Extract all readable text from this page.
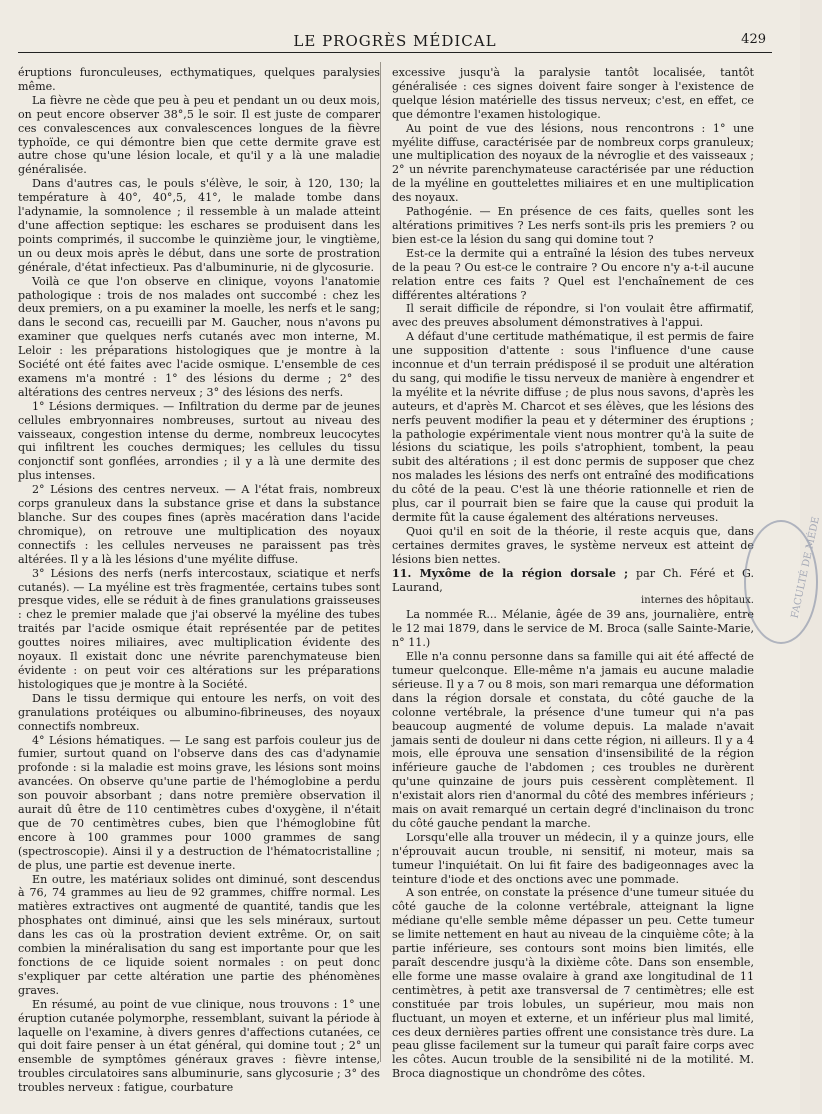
LE PROGRÈS MÉDICAL	429

éruptions furonculeuses, ecthymatiques, quelques paralysies même.

La fièvre ne cède que peu à peu et pendant un ou deux mois, on peut encore observer 38°,5 le soir. Il est juste de comparer ces convalescences aux convalescences longues de la fièvre typhoïde, ce qui démontre bien que cette dermite grave est autre chose qu'une lésion locale, et qu'il y a là une maladie généralisée.

Dans d'autres cas, le pouls s'élève, le soir, à 120, 130; la température à 40°, 40°,5, 41°, le malade tombe dans l'adynamie, la somnolence ; il ressemble à un malade atteint d'une affection septique: les eschares se produisent dans les points comprimés, il succombe le quinzième jour, le vingtième, un ou deux mois après le début, dans une sorte de prostration générale, d'état infectieux. Pas d'albuminurie, ni de glycosurie.

Voilà ce que l'on observe en clinique, voyons l'anatomie pathologique : trois de nos malades ont succombé : chez les deux premiers, on a pu examiner la moelle, les nerfs et le sang; dans le second cas, recueilli par M. Gaucher, nous n'avons pu examiner que quelques nerfs cutanés avec mon interne, M. Leloir : les préparations histologiques que je montre à la Société ont été faites avec l'acide osmique. L'ensemble de ces examens m'a montré : 1° des lésions du derme ; 2° des altérations des centres nerveux ; 3° des lésions des nerfs.

1° Lésions dermiques. — Infiltration du derme par de jeunes cellules embryonnaires nombreuses, surtout au niveau des vaisseaux, congestion intense du derme, nombreux leucocytes qui infiltrent les couches dermiques; les cellules du tissu conjonctif sont gonflées, arrondies ; il y a là une dermite des plus intenses.

2° Lésions des centres nerveux. — A l'état frais, nombreux corps granuleux dans la substance grise et dans la substance blanche. Sur des coupes fines (après macération dans l'acide chromique), on retrouve une multiplication des noyaux connectifs : les cellules nerveuses ne paraissent pas très altérées. Il y a là les lésions d'une myélite diffuse.

3° Lésions des nerfs (nerfs intercostaux, sciatique et nerfs cutanés). — La myéline est très fragmentée, certains tubes sont presque vides, elle se réduit à de fines granulations graisseuses : chez le premier malade que j'ai observé la myéline des tubes traités par l'acide osmique était représentée par de petites gouttes noires miliaires, avec multiplication évidente des noyaux. Il existait donc une névrite parenchymateuse bien évidente : on peut voir ces altérations sur les préparations histologiques que je montre à la Société.

Dans le tissu dermique qui entoure les nerfs, on voit des granulations protéiques ou albumino-fibrineuses, des noyaux connectifs nombreux.

4° Lésions hématiques. — Le sang est parfois couleur jus de fumier, surtout quand on l'observe dans des cas d'adynamie profonde : si la maladie est moins grave, les lésions sont moins avancées. On observe qu'une partie de l'hémoglobine a perdu son pouvoir absorbant ; dans notre première observation il aurait dû être de 110 centimètres cubes d'oxygène, il n'était que de 70 centimètres cubes, bien que l'hémoglobine fût encore à 100 grammes pour 1000 grammes de sang (spectroscopie). Ainsi il y a destruction de l'hématocristalline ; de plus, une partie est devenue inerte.

En outre, les matériaux solides ont diminué, sont descendus à 76, 74 grammes au lieu de 92 grammes, chiffre normal. Les matières extractives ont augmenté de quantité, tandis que les phosphates ont diminué, ainsi que les sels minéraux, surtout dans les cas où la prostration devient extrême. Or, on sait combien la minéralisation du sang est importante pour que les fonctions de ce liquide soient normales : on peut donc s'expliquer par cette altération une partie des phénomènes graves.

En résumé, au point de vue clinique, nous trouvons : 1° une éruption cutanée polymorphe, ressemblant, suivant la période à laquelle on l'examine, à divers genres d'affections cutanées, ce qui doit faire penser à un état général, qui domine tout ; 2° un ensemble de symptômes généraux graves : fièvre intense, troubles circulatoires sans albuminurie, sans glycosurie ; 3° des troubles nerveux : fatigue, courbature

excessive jusqu'à la paralysie tantôt localisée, tantôt généralisée : ces signes doivent faire songer à l'existence de quelque lésion matérielle des tissus nerveux; c'est, en effet, ce que démontre l'examen histologique.

Au point de vue des lésions, nous rencontrons : 1° une myélite diffuse, caractérisée par de nombreux corps granuleux; une multiplication des noyaux de la névroglie et des vaisseaux ; 2° un névrite parenchymateuse caractérisée par une réduction de la myéline en gouttelettes miliaires et en une multiplication des noyaux.

Pathogénie. — En présence de ces faits, quelles sont les altérations primitives ? Les nerfs sont-ils pris les premiers ? ou bien est-ce la lésion du sang qui domine tout ?

Est-ce la dermite qui a entraîné la lésion des tubes nerveux de la peau ? Ou est-ce le contraire ? Ou encore n'y a-t-il aucune relation entre ces faits ? Quel est l'enchaînement de ces différentes altérations ?

Il serait difficile de répondre, si l'on voulait être affirmatif, avec des preuves absolument démonstratives à l'appui.

A défaut d'une certitude mathématique, il est permis de faire une supposition d'attente : sous l'influence d'une cause inconnue et d'un terrain prédisposé il se produit une altération du sang, qui modifie le tissu nerveux de manière à engendrer et la myélite et la névrite diffuse ; de plus nous savons, d'après les auteurs, et d'après M. Charcot et ses élèves, que les lésions des nerfs peuvent modifier la peau et y déterminer des éruptions ; la pathologie expérimentale vient nous montrer qu'à la suite de lésions du sciatique, les poils s'atrophient, tombent, la peau subit des altérations ; il est donc permis de supposer que chez nos malades les lésions des nerfs ont entraîné des modifications du côté de la peau. C'est là une théorie rationnelle et rien de plus, car il pourrait bien se faire que la cause qui produit la dermite fût la cause également des altérations nerveuses.

Quoi qu'il en soit de la théorie, il reste acquis que, dans certaines dermites graves, le système nerveux est atteint de lésions bien nettes.

11. Myxôme de la région dorsale ; par Ch. Féré et G. Laurand,

internes des hôpitaux.

La nommée R... Mélanie, âgée de 39 ans, journalière, entre le 12 mai 1879, dans le service de M. Broca (salle Sainte-Marie, n° 11.)

Elle n'a connu personne dans sa famille qui ait été affecté de tumeur quelconque. Elle-même n'a jamais eu aucune maladie sérieuse. Il y a 7 ou 8 mois, son mari remarqua une déformation dans la région dorsale et constata, du côté gauche de la colonne vertébrale, la présence d'une tumeur qui n'a pas beaucoup augmenté de volume depuis. La malade n'avait jamais senti de douleur ni dans cette région, ni ailleurs. Il y a 4 mois, elle éprouva une sensation d'insensibilité de la région inférieure gauche de l'abdomen ; ces troubles ne durèrent qu'une quinzaine de jours puis cessèrent complètement. Il n'existait alors rien d'anormal du côté des membres inférieurs ; mais on avait remarqué un certain degré d'inclinaison du tronc du côté gauche pendant la marche.

Lorsqu'elle alla trouver un médecin, il y a quinze jours, elle n'éprouvait aucun trouble, ni sensitif, ni moteur, mais sa tumeur l'inquiétait. On lui fit faire des badigeonnages avec la teinture d'iode et des onctions avec une pommade.

A son entrée, on constate la présence d'une tumeur située du côté gauche de la colonne vertébrale, atteignant la ligne médiane qu'elle semble même dépasser un peu. Cette tumeur se limite nettement en haut au niveau de la cinquième côte; à la partie inférieure, ses contours sont moins bien limités, elle paraît descendre jusqu'à la dixième côte. Dans son ensemble, elle forme une masse ovalaire à grand axe longitudinal de 11 centimètres, à petit axe transversal de 7 centimètres; elle est constituée par trois lobules, un supérieur, mou mais non fluctuant, un moyen et externe, et un inférieur plus mal limité, ces deux dernières parties offrent une consistance très dure. La peau glisse facilement sur la tumeur qui paraît faire corps avec les côtes. Aucun trouble de la sensibilité ni de la motilité. M. Broca diagnostique un chondrôme des côtes.

FACULTÉ DE MÉDE
